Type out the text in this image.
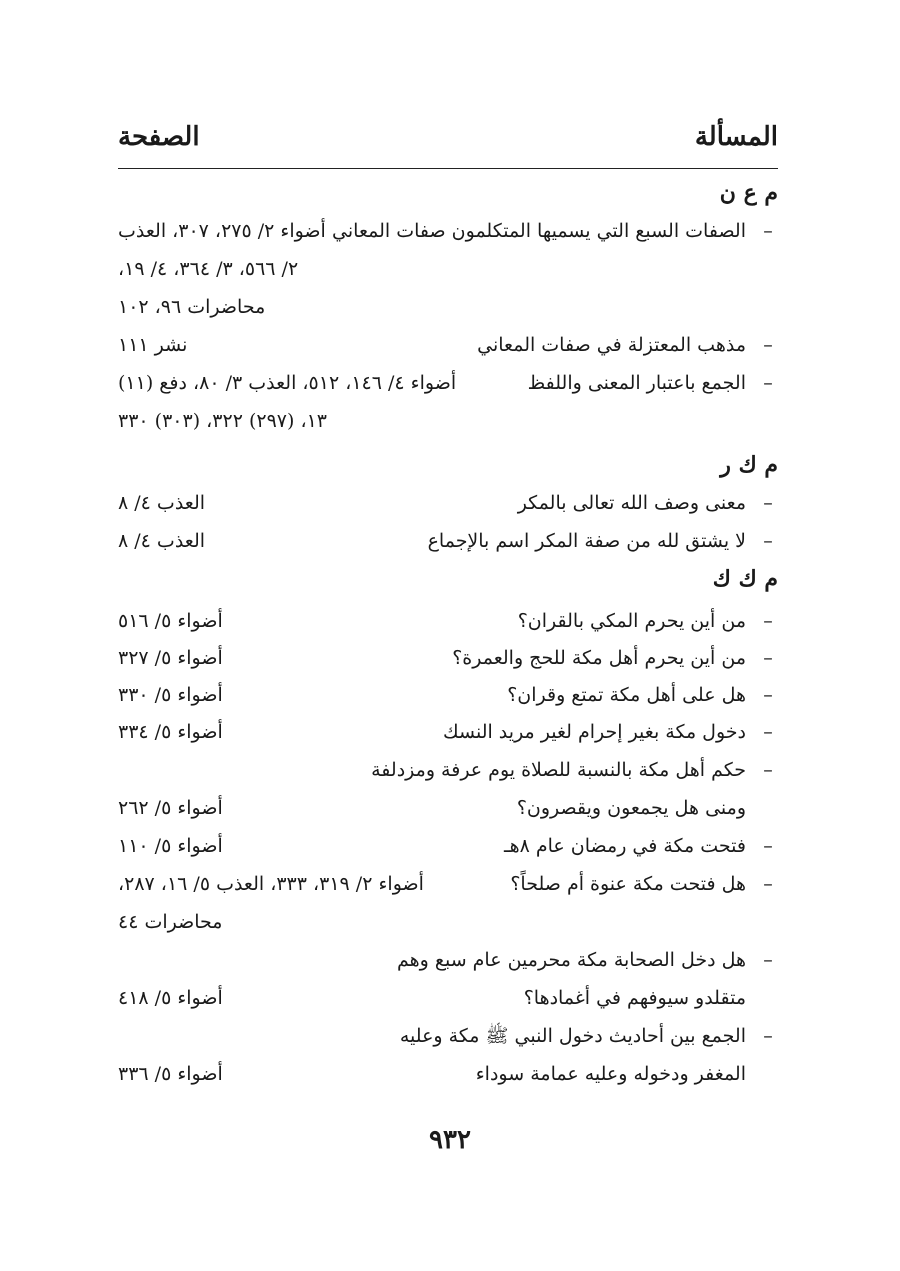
المسألة
الصفحة
م ع ن
–
الصفات السبع التي يسميها المتكلمون صفات المعاني
أضواء ٢/ ٢٧٥، ٣٠٧، العذب
٢/ ٥٦٦، ٣/ ٣٦٤، ٤/ ١٩،
محاضرات ٩٦، ١٠٢
–
مذهب المعتزلة في صفات المعاني
نشر ١١١
–
الجمع باعتبار المعنى واللفظ
أضواء ٤/ ١٤٦، ٥١٢، العذب ٣/ ٨٠، دفع (١١)
١٣، (٢٩٧) ٣٢٢، (٣٠٣) ٣٣٠
م ك ر
–
معنى وصف الله تعالى بالمكر
العذب ٤/ ٨
–
لا يشتق لله من صفة المكر اسم بالإجماع
العذب ٤/ ٨
م ك ك
–
من أين يحرم المكي بالقران؟
أضواء ٥/ ٥١٦
–
من أين يحرم أهل مكة للحج والعمرة؟
أضواء ٥/ ٣٢٧
–
هل على أهل مكة تمتع وقران؟
أضواء ٥/ ٣٣٠
–
دخول مكة بغير إحرام لغير مريد النسك
أضواء ٥/ ٣٣٤
–
حكم أهل مكة بالنسبة للصلاة يوم عرفة ومزدلفة
ومنى هل يجمعون ويقصرون؟
أضواء ٥/ ٢٦٢
–
فتحت مكة في رمضان عام ٨هـ
أضواء ٥/ ١١٠
–
هل فتحت مكة عنوة أم صلحاً؟
أضواء ٢/ ٣١٩، ٣٣٣، العذب ٥/ ١٦، ٢٨٧،
محاضرات ٤٤
–
هل دخل الصحابة مكة محرمين عام سبع وهم
متقلدو سيوفهم في أغمادها؟
أضواء ٥/ ٤١٨
–
الجمع بين أحاديث دخول النبي ﷺ مكة وعليه
المغفر ودخوله وعليه عمامة سوداء
أضواء ٥/ ٣٣٦
٩٣٢
